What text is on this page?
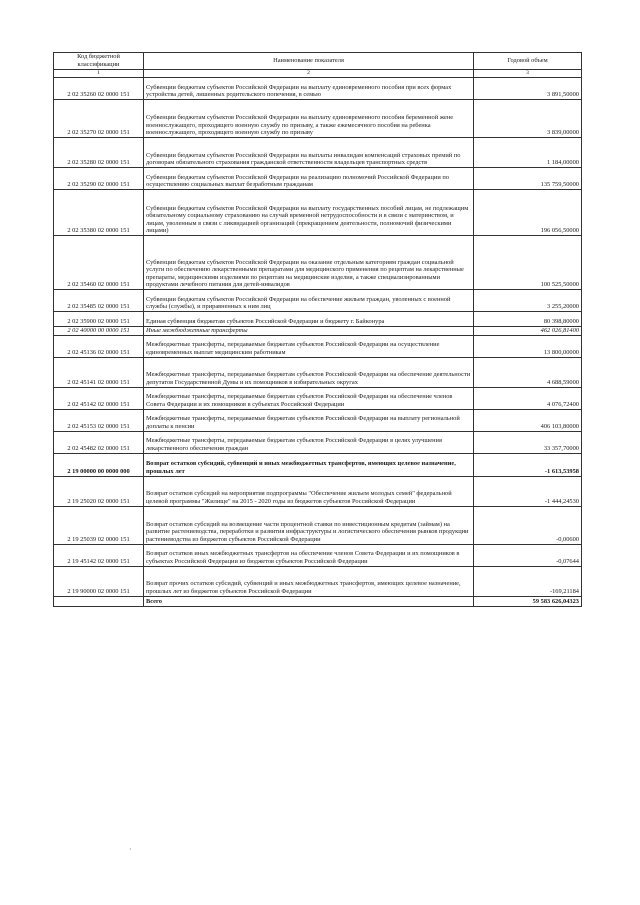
Код бюджетной классификации	Наименование показателя	Годовой объем
1	2	3
2 02 35260 02 0000 151	Субвенции бюджетам субъектов Российской Федерации на выплату единовременного пособия при всех формах устройства детей, лишенных родительского попечения, в семью	3 891,50000
2 02 35270 02 0000 151	Субвенции бюджетам субъектов Российской Федерации на выплату единовременного пособия беременной жене военнослужащего, проходящего военную службу по призыву, а также ежемесячного пособия на ребенка военнослужащего, проходящего военную службу по призыву	3 839,00000
2 02 35280 02 0000 151	Субвенции бюджетам субъектов Российской Федерации на выплаты инвалидам компенсаций страховых премий по договорам обязательного страхования гражданской ответственности владельцев транспортных средств	1 184,00000
2 02 35290 02 0000 151	Субвенции бюджетам субъектов Российской Федерации на реализацию полномочий Российской Федерации по осуществлению социальных выплат безработным гражданам	135 759,50000
2 02 35380 02 0000 151	Субвенции бюджетам субъектов Российской Федерации на выплату государственных пособий лицам, не подлежащим обязательному социальному страхованию на случай временной нетрудоспособности и в связи с материнством, и лицам, уволенным в связи с ликвидацией организаций (прекращением деятельности, полномочий физическими лицами)	196 056,50000
2 02 35460 02 0000 151	Субвенции бюджетам субъектов Российской Федерации на оказание отдельным категориям граждан социальной услуги по обеспечению лекарственными препаратами для медицинского применения по рецептам на лекарственные препараты, медицинскими изделиями по рецептам на медицинские изделия, а также специализированными продуктами лечебного питания для детей-инвалидов	100 525,50000
2 02 35485 02 0000 151	Субвенции бюджетам субъектов Российской Федерации на обеспечение жильем граждан, уволенных с военной службы (службы), и приравненных к ним лиц	3 255,20000
2 02 35900 02 0000 151	Единая субвенция бюджетам субъектов Российской Федерации и бюджету г. Байконура	80 398,80000
2 02 40000 00 0000 151	Иные межбюджетные трансферты	462 026,81400
2 02 45136 02 0000 151	Межбюджетные трансферты, передаваемые бюджетам субъектов Российской Федерации на осуществление единовременных выплат медицинским работникам	13 800,00000
2 02 45141 02 0000 151	Межбюджетные трансферты, передаваемые бюджетам субъектов Российской Федерации на обеспечение деятельности депутатов Государственной Думы и их помощников в избирательных округах	4 688,59000
2 02 45142 02 0000 151	Межбюджетные трансферты, передаваемые бюджетам субъектов Российской Федерации на обеспечение членов Совета Федерации и их помощников в субъектах Российской Федерации	4 076,72400
2 02 45153 02 0000 151	Межбюджетные трансферты, передаваемые бюджетам субъектов Российской Федерации на выплату региональной доплаты к пенсии	406 103,80000
2 02 45482 02 0000 151	Межбюджетные трансферты, передаваемые бюджетам субъектов Российской Федерации в целях улучшения лекарственного обеспечения граждан	33 357,70000
2 19 00000 00 0000 000	Возврат остатков субсидий, субвенций и иных межбюджетных трансфертов, имеющих целевое назначение, прошлых лет	-1 613,53958
2 19 25020 02 0000 151	Возврат остатков субсидий на мероприятия подпрограммы "Обеспечение жильем молодых семей" федеральной целевой программы "Жилище" на 2015 - 2020 годы из бюджетов субъектов Российской Федерации	-1 444,24530
2 19 25039 02 0000 151	Возврат остатков субсидий на возмещение части процентной ставки по инвестиционным кредитам (займам) на развитие растениеводства, переработки и развития инфраструктуры и логистического обеспечения рынков продукции растениеводства из бюджетов субъектов Российской Федерации	-0,00600
2 19 45142 02 0000 151	Возврат остатков иных межбюджетных трансфертов на обеспечение членов Совета Федерации и их помощников в субъектах Российской Федерации из бюджетов субъектов Российской Федерации	-0,07644
2 19 90000 02 0000 151	Возврат прочих остатков субсидий, субвенций и иных межбюджетных трансфертов, имеющих целевое назначение, прошлых лет из бюджетов субъектов Российской Федерации	-169,21184
	Всего	59 583 626,04323
·
